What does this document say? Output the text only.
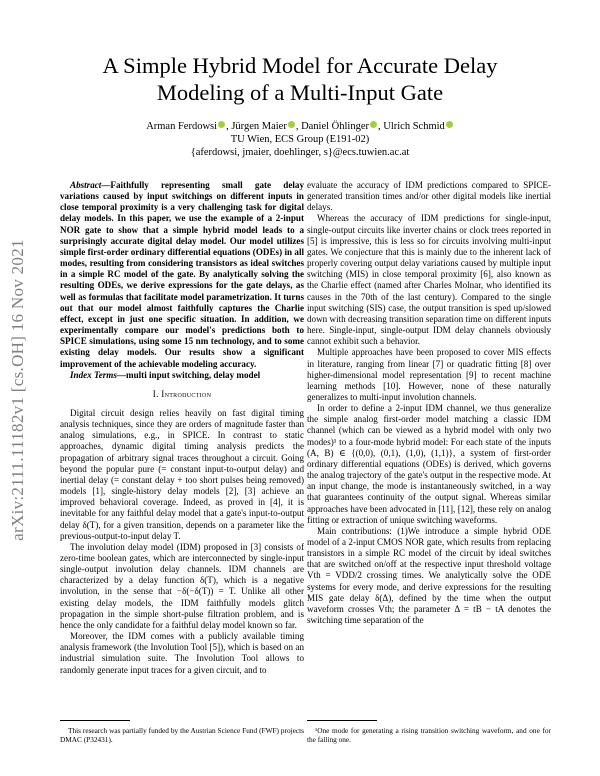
arXiv:2111.11182v1 [cs.OH] 16 Nov 2021
A Simple Hybrid Model for Accurate Delay Modeling of a Multi-Input Gate
Arman Ferdowsi , Jürgen Maier , Daniel Öhlinger , Ulrich Schmid
TU Wien, ECS Group (E191-02)
{aferdowsi, jmaier, doehlinger, s}@ecs.tuwien.ac.at

Abstract—Faithfully representing small gate delay variations caused by input switchings on different inputs in close temporal proximity is a very challenging task for digital delay models. In this paper, we use the example of a 2-input NOR gate to show that a simple hybrid model leads to a surprisingly accurate digital delay model. Our model utilizes simple first-order ordinary differential equations (ODEs) in all modes, resulting from considering transistors as ideal switches in a simple RC model of the gate. By analytically solving the resulting ODEs, we derive expressions for the gate delays, as well as formulas that facilitate model parametrization. It turns out that our model almost faithfully captures the Charlie effect, except in just one specific situation. In addition, we experimentally compare our model's predictions both to SPICE simulations, using some 15 nm technology, and to some existing delay models. Our results show a significant improvement of the achievable modeling accuracy.

Index Terms—multi input switching, delay model

I. Introduction

Digital circuit design relies heavily on fast digital timing analysis techniques, since they are orders of magnitude faster than analog simulations, e.g., in SPICE. In contrast to static approaches, dynamic digital timing analysis predicts the propagation of arbitrary signal traces throughout a circuit. Going beyond the popular pure (= constant input-to-output delay) and inertial delay (= constant delay + too short pulses being removed) models [1], single-history delay models [2], [3] achieve an improved behavioral coverage. Indeed, as proved in [4], it is inevitable for any faithful delay model that a gate's input-to-output delay δ(T), for a given transition, depends on a parameter like the previous-output-to-input delay T.

The involution delay model (IDM) proposed in [3] consists of zero-time boolean gates, which are interconnected by single-input single-output involution delay channels. IDM channels are characterized by a delay function δ(T), which is a negative involution, in the sense that −δ(−δ(T)) = T. Unlike all other existing delay models, the IDM faithfully models glitch propagation in the simple short-pulse filtration problem, and is hence the only candidate for a faithful delay model known so far.

Moreover, the IDM comes with a publicly available timing analysis framework (the Involution Tool [5]), which is based on an industrial simulation suite. The Involution Tool allows to randomly generate input traces for a given circuit, and to

evaluate the accuracy of IDM predictions compared to SPICE-generated transition times and/or other digital models like inertial delays.

Whereas the accuracy of IDM predictions for single-input, single-output circuits like inverter chains or clock trees reported in [5] is impressive, this is less so for circuits involving multi-input gates. We conjecture that this is mainly due to the inherent lack of properly covering output delay variations caused by multiple input switching (MIS) in close temporal proximity [6], also known as the Charlie effect (named after Charles Molnar, who identified its causes in the 70th of the last century). Compared to the single input switching (SIS) case, the output transition is sped up/slowed down with decreasing transition separation time on different inputs here. Single-input, single-output IDM delay channels obviously cannot exhibit such a behavior.

Multiple approaches have been proposed to cover MIS effects in literature, ranging from linear [7] or quadratic fitting [8] over higher-dimensional model representation [9] to recent machine learning methods [10]. However, none of these naturally generalizes to multi-input involution channels.

In order to define a 2-input IDM channel, we thus generalize the simple analog first-order model matching a classic IDM channel (which can be viewed as a hybrid model with only two modes)¹ to a four-mode hybrid model: For each state of the inputs (A, B) ∈ {(0,0), (0,1), (1,0), (1,1)}, a system of first-order ordinary differential equations (ODEs) is derived, which governs the analog trajectory of the gate's output in the respective mode. At an input change, the mode is instantaneously switched, in a way that guarantees continuity of the output signal. Whereas similar approaches have been advocated in [11], [12], these rely on analog fitting or extraction of unique switching waveforms.

Main contributions: (1)We introduce a simple hybrid ODE model of a 2-input CMOS NOR gate, which results from replacing transistors in a simple RC model of the circuit by ideal switches that are switched on/off at the respective input threshold voltage Vth = VDD/2 crossing times. We analytically solve the ODE systems for every mode, and derive expressions for the resulting MIS gate delay δ(Δ), defined by the time when the output waveform crosses Vth; the parameter Δ = tB − tA denotes the switching time separation of the

This research was partially funded by the Austrian Science Fund (FWF) projects DMAC (P32431).

¹One mode for generating a rising transition switching waveform, and one for the falling one.
